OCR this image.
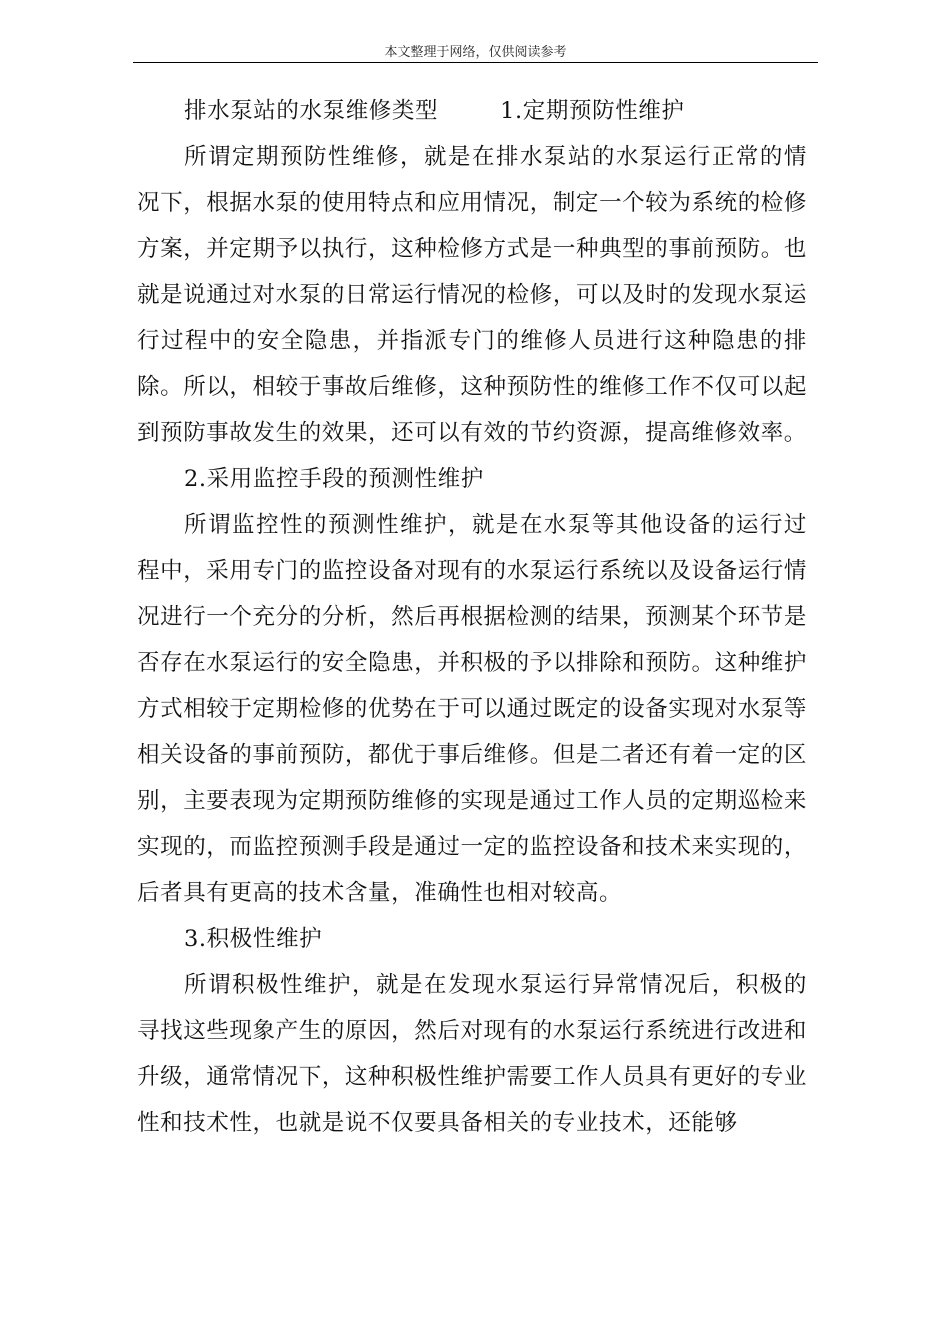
本文整理于网络，仅供阅读参考

排水泵站的水泵维修类型	1.定期预防性维护

所谓定期预防性维修，就是在排水泵站的水泵运行正常的情况下，根据水泵的使用特点和应用情况，制定一个较为系统的检修方案，并定期予以执行，这种检修方式是一种典型的事前预防。也就是说通过对水泵的日常运行情况的检修，可以及时的发现水泵运行过程中的安全隐患，并指派专门的维修人员进行这种隐患的排除。所以，相较于事故后维修，这种预防性的维修工作不仅可以起到预防事故发生的效果，还可以有效的节约资源，提高维修效率。

2.采用监控手段的预测性维护

所谓监控性的预测性维护，就是在水泵等其他设备的运行过程中，采用专门的监控设备对现有的水泵运行系统以及设备运行情况进行一个充分的分析，然后再根据检测的结果，预测某个环节是否存在水泵运行的安全隐患，并积极的予以排除和预防。这种维护方式相较于定期检修的优势在于可以通过既定的设备实现对水泵等相关设备的事前预防，都优于事后维修。但是二者还有着一定的区别，主要表现为定期预防维修的实现是通过工作人员的定期巡检来实现的，而监控预测手段是通过一定的监控设备和技术来实现的，后者具有更高的技术含量，准确性也相对较高。

3.积极性维护

所谓积极性维护，就是在发现水泵运行异常情况后，积极的寻找这些现象产生的原因，然后对现有的水泵运行系统进行改进和升级，通常情况下，这种积极性维护需要工作人员具有更好的专业性和技术性，也就是说不仅要具备相关的专业技术，还能够
